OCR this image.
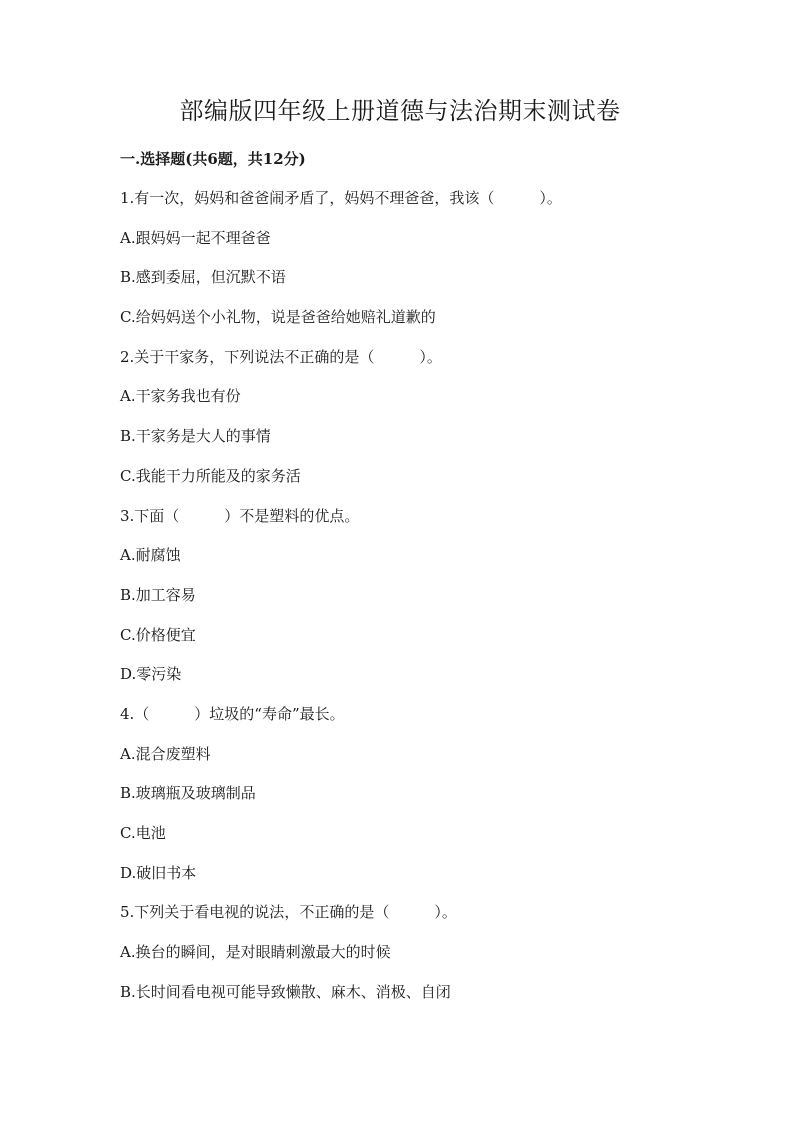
部编版四年级上册道德与法治期末测试卷
一.选择题(共6题，共12分)
1.有一次，妈妈和爸爸闹矛盾了，妈妈不理爸爸，我该（　　　）。
A.跟妈妈一起不理爸爸
B.感到委屈，但沉默不语
C.给妈妈送个小礼物，说是爸爸给她赔礼道歉的
2.关于干家务，下列说法不正确的是（　　　）。
A.干家务我也有份
B.干家务是大人的事情
C.我能干力所能及的家务活
3.下面（　　　）不是塑料的优点。
A.耐腐蚀
B.加工容易
C.价格便宜
D.零污染
4.（　　　）垃圾的“寿命”最长。
A.混合废塑料
B.玻璃瓶及玻璃制品
C.电池
D.破旧书本
5.下列关于看电视的说法，不正确的是（　　　）。
A.换台的瞬间，是对眼睛刺激最大的时候
B.长时间看电视可能导致懒散、麻木、消极、自闭
